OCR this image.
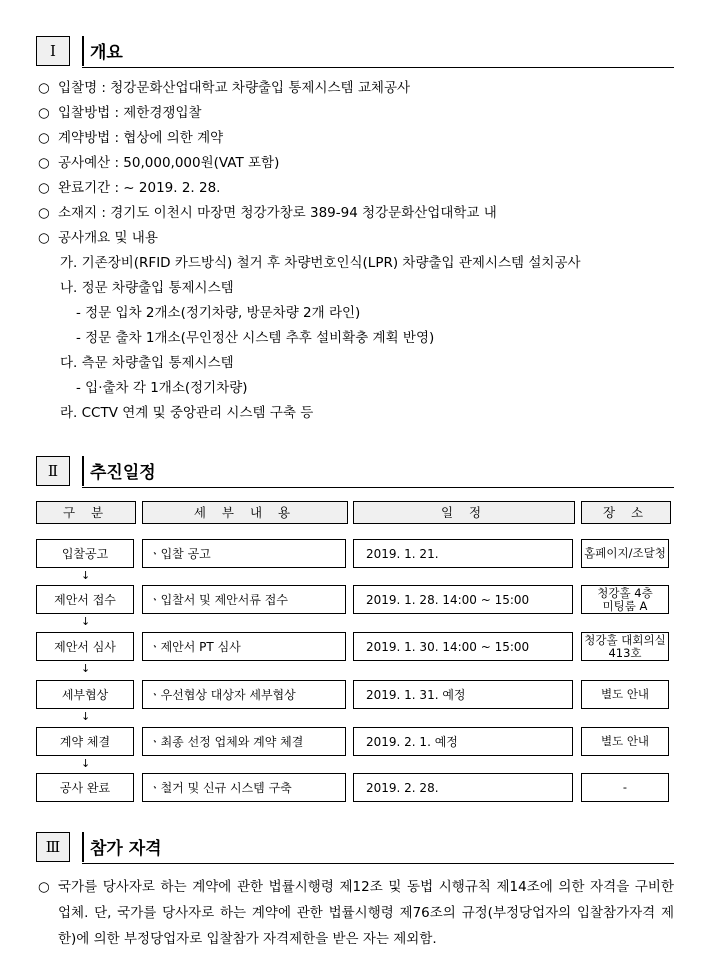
Ⅰ	개요
○ 입찰명 : 청강문화산업대학교 차량출입 통제시스템 교체공사
○ 입찰방법 : 제한경쟁입찰
○ 계약방법 : 협상에 의한 계약
○ 공사예산 : 50,000,000원(VAT 포함)
○ 완료기간 : ~ 2019. 2. 28.
○ 소재지 : 경기도 이천시 마장면 청강가창로 389-94 청강문화산업대학교 내
○ 공사개요 및 내용
가. 기존장비(RFID 카드방식) 철거 후 차량번호인식(LPR) 차량출입 관제시스템 설치공사
나. 정문 차량출입 통제시스템
- 정문 입차 2개소(정기차량, 방문차량 2개 라인)
- 정문 출차 1개소(무인정산 시스템 추후 설비확충 계획 반영)
다. 측문 차량출입 통제시스템
- 입·출차 각 1개소(정기차량)
라. CCTV 연계 및 중앙관리 시스템 구축 등
Ⅱ	추진일정
구 분	세 부 내 용	일 정	장 소
입찰공고	ㆍ입찰 공고	2019. 1. 21.	홈페이지/조달청
↓
제안서 접수	ㆍ입찰서 및 제안서류 접수	2019. 1. 28. 14:00 ~ 15:00	청강홀 4층
미팅룸 A
↓
제안서 심사	ㆍ제안서 PT 심사	2019. 1. 30. 14:00 ~ 15:00	청강홀 대회의실
413호
↓
세부협상	ㆍ우선협상 대상자 세부협상	2019. 1. 31. 예정	별도 안내
↓
계약 체결	ㆍ최종 선정 업체와 계약 체결	2019. 2. 1. 예정	별도 안내
↓
공사 완료	ㆍ철거 및 신규 시스템 구축	2019. 2. 28.	-
Ⅲ	참가 자격
○ 국가를 당사자로 하는 계약에 관한 법률시행령 제12조 및 동법 시행규칙 제14조에 의한 자격을 구비한 업체. 단, 국가를 당사자로 하는 계약에 관한 법률시행령 제76조의 규정(부정당업자의 입찰참가자격 제한)에 의한 부정당업자로 입찰참가 자격제한을 받은 자는 제외함.
